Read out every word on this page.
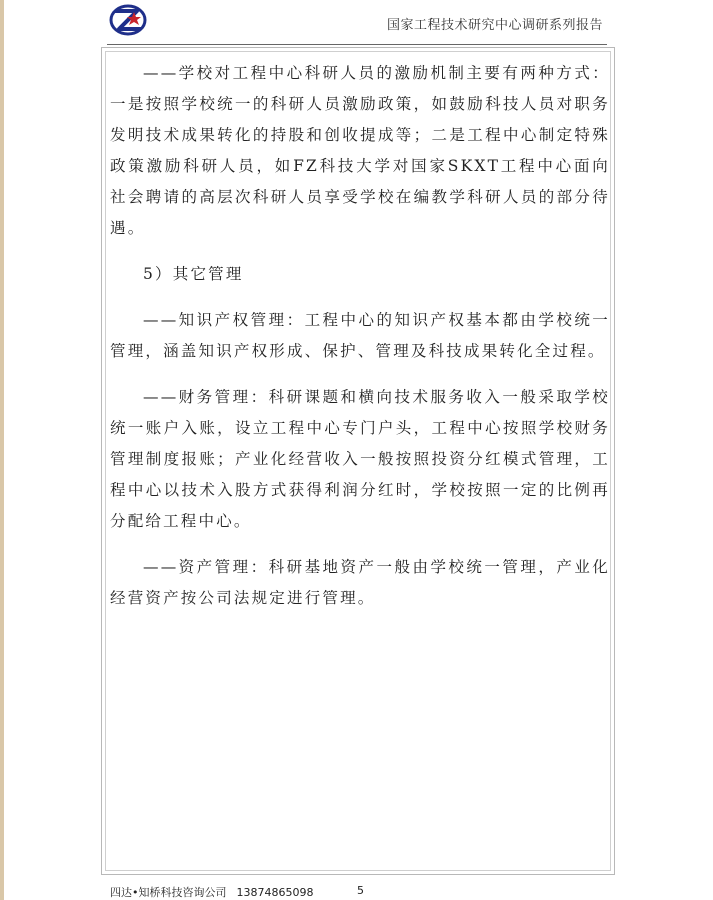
国家工程技术研究中心调研系列报告

——学校对工程中心科研人员的激励机制主要有两种方式：一是按照学校统一的科研人员激励政策，如鼓励科技人员对职务发明技术成果转化的持股和创收提成等；二是工程中心制定特殊政策激励科研人员，如FZ科技大学对国家SKXT工程中心面向社会聘请的高层次科研人员享受学校在编教学科研人员的部分待遇。

5）其它管理

——知识产权管理：工程中心的知识产权基本都由学校统一管理，涵盖知识产权形成、保护、管理及科技成果转化全过程。

——财务管理：科研课题和横向技术服务收入一般采取学校统一账户入账，设立工程中心专门户头，工程中心按照学校财务管理制度报账；产业化经营收入一般按照投资分红模式管理，工程中心以技术入股方式获得利润分红时，学校按照一定的比例再分配给工程中心。

——资产管理：科研基地资产一般由学校统一管理，产业化经营资产按公司法规定进行管理。

四达•知桥科技咨询公司 13874865098	5
